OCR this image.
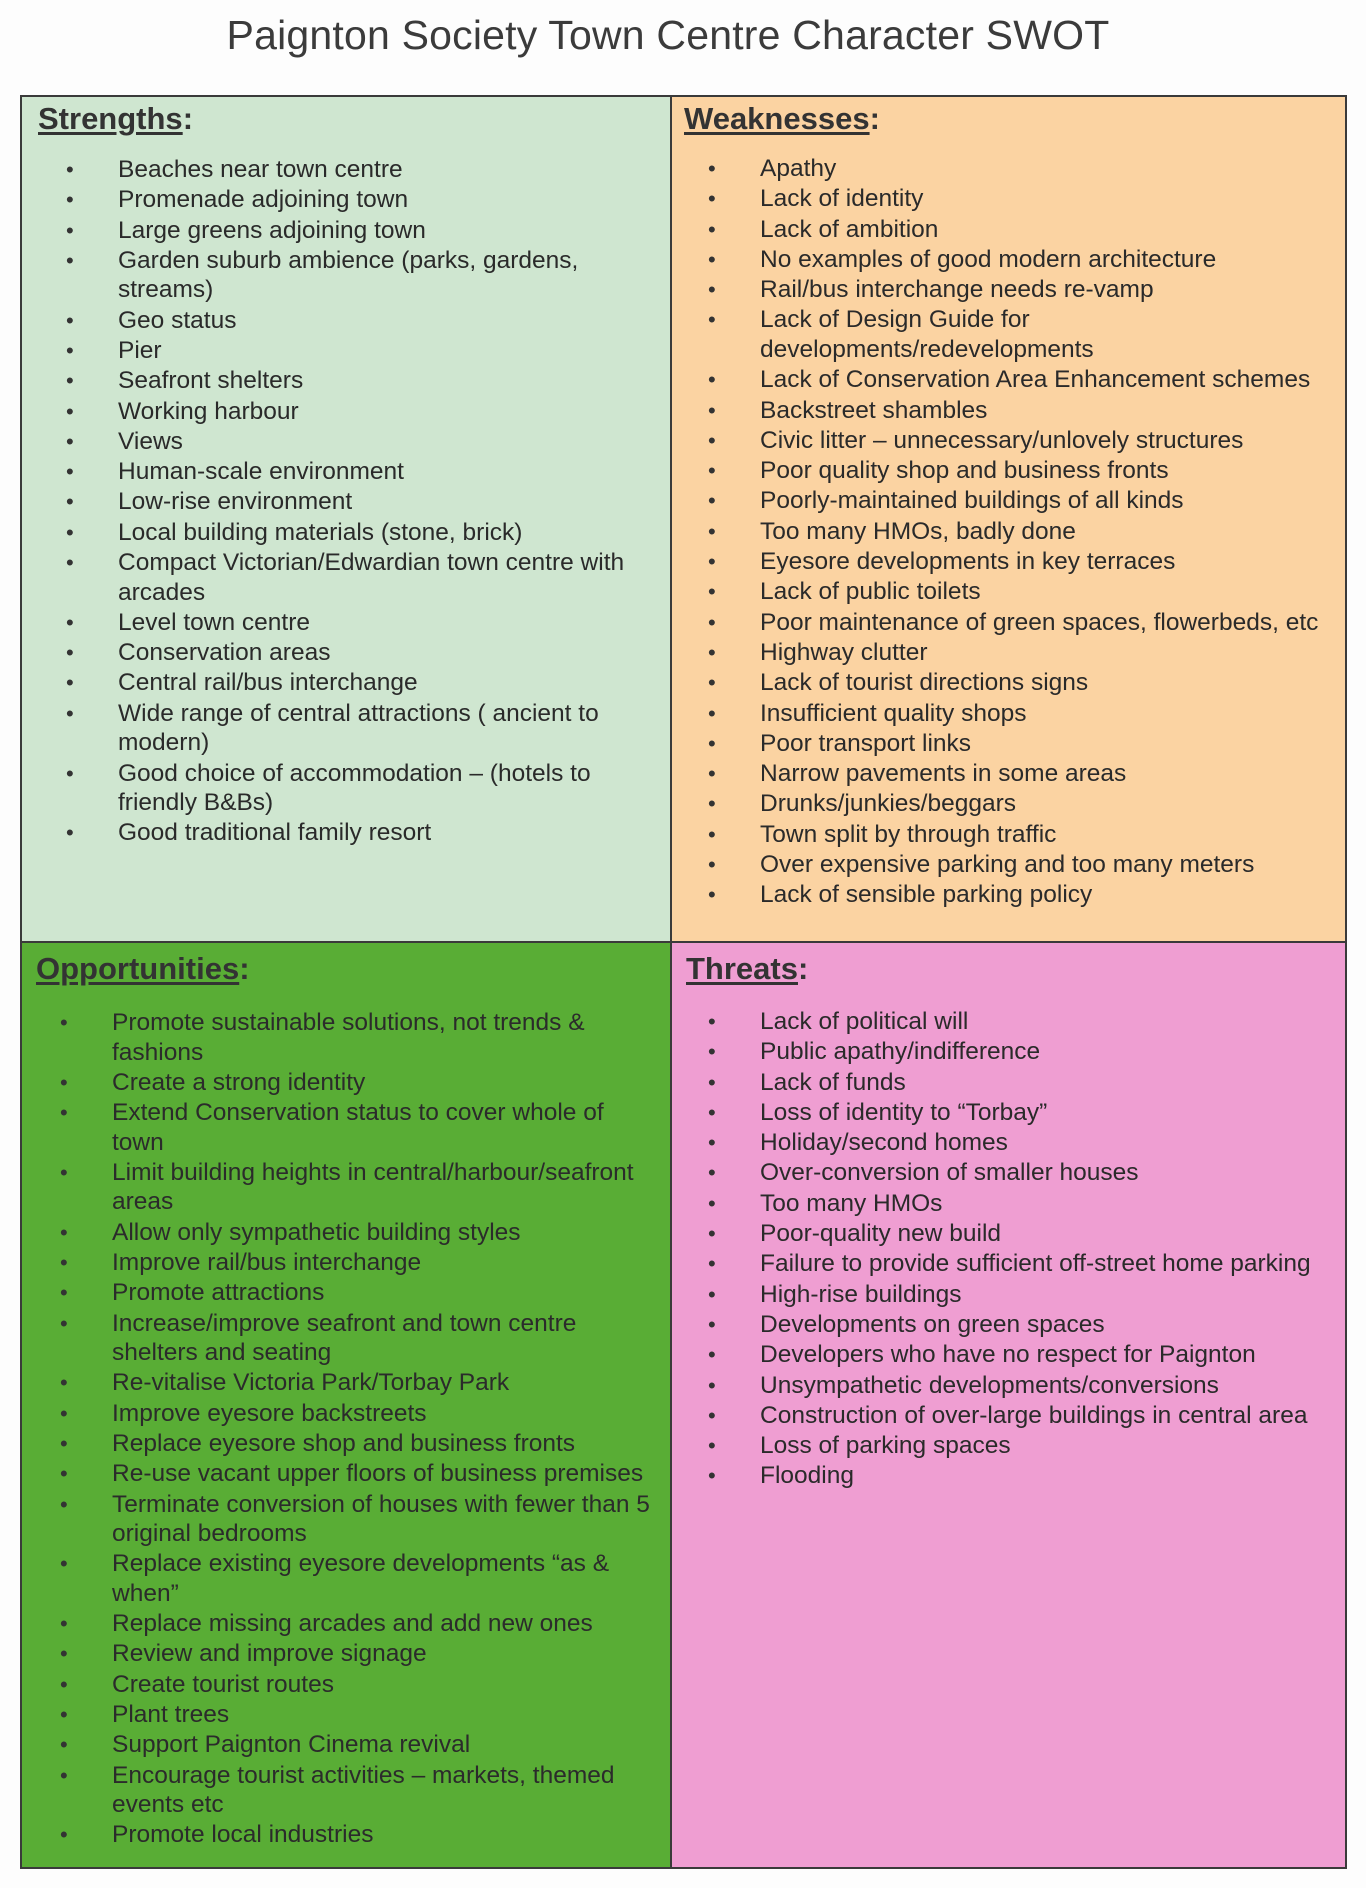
Paignton Society Town Centre Character SWOT
Strengths:
•	Beaches near town centre
•	Promenade adjoining town
•	Large greens adjoining town
•	Garden suburb ambience (parks, gardens, streams)
•	Geo status
•	Pier
•	Seafront shelters
•	Working harbour
•	Views
•	Human-scale environment
•	Low-rise environment
•	Local building materials (stone, brick)
•	Compact Victorian/Edwardian town centre with arcades
•	Level town centre
•	Conservation areas
•	Central rail/bus interchange
•	Wide range of central attractions ( ancient to modern)
•	Good choice of accommodation – (hotels to friendly B&Bs)
•	Good traditional family resort
Weaknesses:
•	Apathy
•	Lack of identity
•	Lack of ambition
•	No examples of good modern architecture
•	Rail/bus interchange needs re-vamp
•	Lack of Design Guide for developments/redevelopments
•	Lack of Conservation Area Enhancement schemes
•	Backstreet shambles
•	Civic litter – unnecessary/unlovely structures
•	Poor quality shop and business fronts
•	Poorly-maintained buildings of all kinds
•	Too many HMOs, badly done
•	Eyesore developments in key terraces
•	Lack of public toilets
•	Poor maintenance of green spaces, flowerbeds, etc
•	Highway clutter
•	Lack of tourist directions signs
•	Insufficient quality shops
•	Poor transport links
•	Narrow pavements in some areas
•	Drunks/junkies/beggars
•	Town split by through traffic
•	Over expensive parking and too many meters
•	Lack of sensible parking policy
Opportunities:
•	Promote sustainable solutions, not trends & fashions
•	Create a strong identity
•	Extend Conservation status to cover whole of town
•	Limit building heights in central/harbour/seafront areas
•	Allow only sympathetic building styles
•	Improve rail/bus interchange
•	Promote attractions
•	Increase/improve seafront and town centre shelters and seating
•	Re-vitalise Victoria Park/Torbay Park
•	Improve eyesore backstreets
•	Replace eyesore shop and business fronts
•	Re-use vacant upper floors of business premises
•	Terminate conversion of houses with fewer than 5 original bedrooms
•	Replace existing eyesore developments “as & when”
•	Replace missing arcades and add new ones
•	Review and improve signage
•	Create tourist routes
•	Plant trees
•	Support Paignton Cinema revival
•	Encourage tourist activities – markets, themed events etc
•	Promote local industries
Threats:
•	Lack of political will
•	Public apathy/indifference
•	Lack of funds
•	Loss of identity to “Torbay”
•	Holiday/second homes
•	Over-conversion of smaller houses
•	Too many HMOs
•	Poor-quality new build
•	Failure to provide sufficient off-street home parking
•	High-rise buildings
•	Developments on green spaces
•	Developers who have no respect for Paignton
•	Unsympathetic developments/conversions
•	Construction of over-large buildings in central area
•	Loss of parking spaces
•	Flooding
